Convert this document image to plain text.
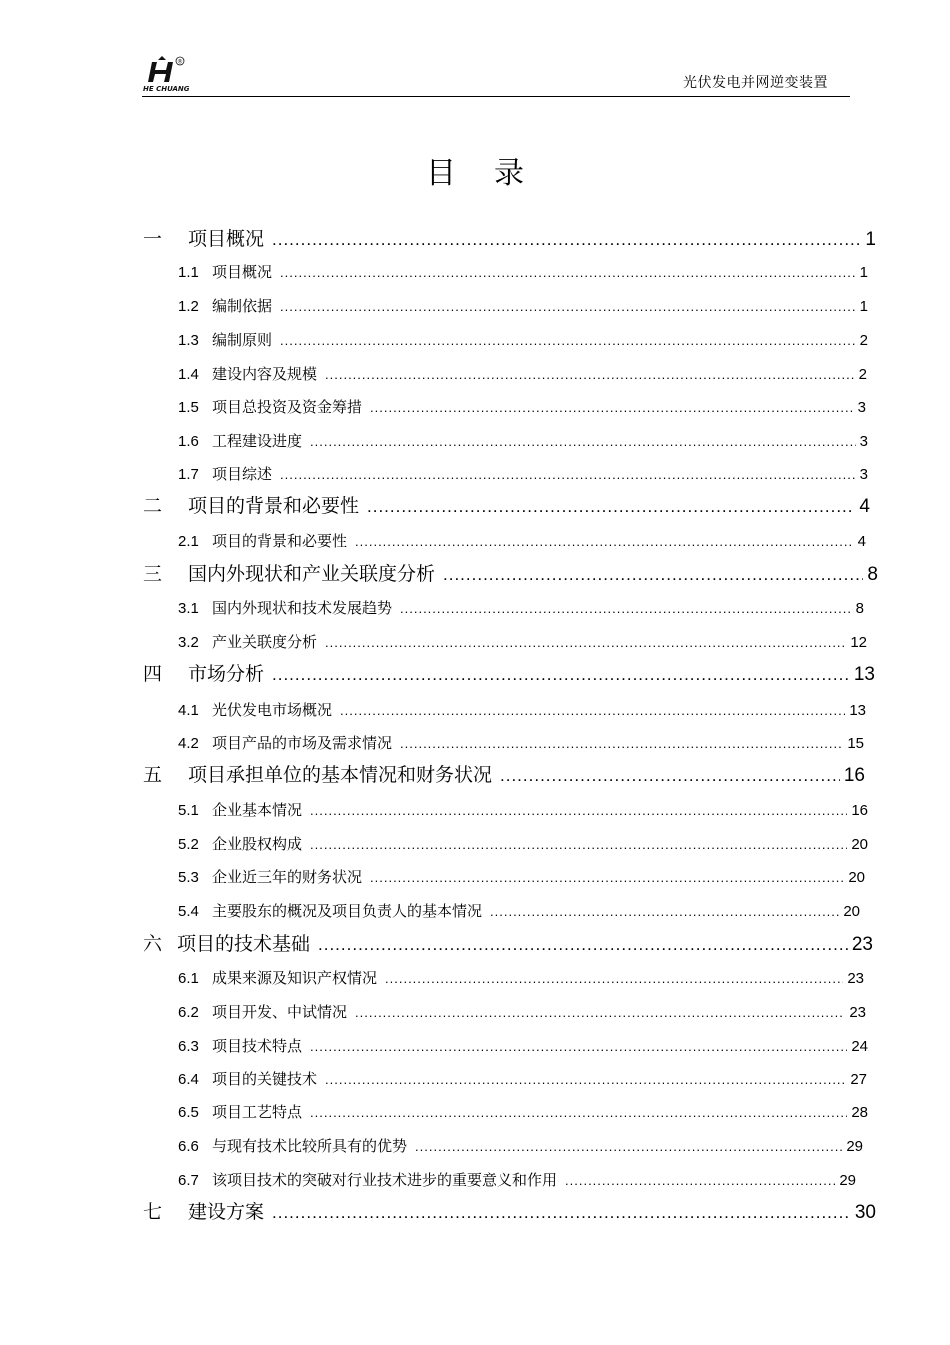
®
HE CHUANG	光伏发电并网逆变装置
目录
一	项目概况 .....	1
1.1 项目概况 .....	1
1.2 编制依据 .....	1
1.3 编制原则 .....	2
1.4 建设内容及规模 .....	2
1.5 项目总投资及资金筹措 .....	3
1.6 工程建设进度 .....	3
1.7 项目综述 .....	3
二	项目的背景和必要性 .....	4
2.1 项目的背景和必要性 .....	4
三	国内外现状和产业关联度分析 .....	8
3.1 国内外现状和技术发展趋势 .....	8
3.2 产业关联度分析 .....	12
四	市场分析 .....	13
4.1 光伏发电市场概况 .....	13
4.2 项目产品的市场及需求情况 .....	15
五	项目承担单位的基本情况和财务状况 .....	16
5.1 企业基本情况 .....	16
5.2 企业股权构成 .....	20
5.3 企业近三年的财务状况 .....	20
5.4 主要股东的概况及项目负责人的基本情况 .....	20
六 项目的技术基础 .....	23
6.1 成果来源及知识产权情况 .....	23
6.2 项目开发、中试情况 .....	23
6.3 项目技术特点 .....	24
6.4 项目的关键技术 .....	27
6.5 项目工艺特点 .....	28
6.6 与现有技术比较所具有的优势 .....	29
6.7 该项目技术的突破对行业技术进步的重要意义和作用 .....	29
七	建设方案 .....	30
